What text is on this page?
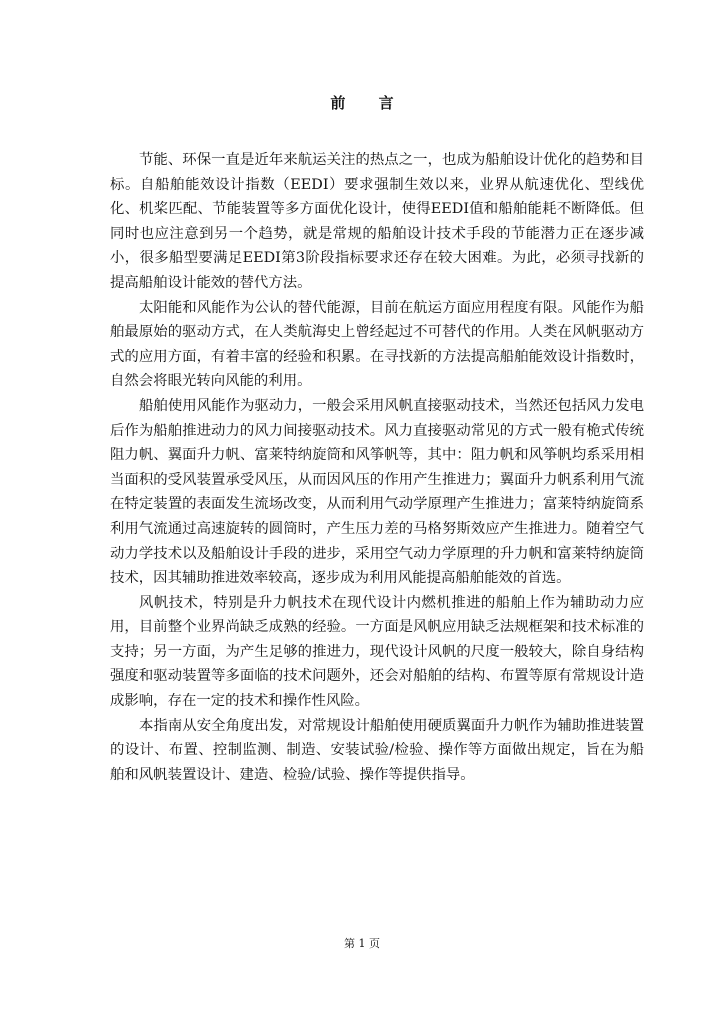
前 言

节能、环保一直是近年来航运关注的热点之一，也成为船舶设计优化的趋势和目标。自船舶能效设计指数（EEDI）要求强制生效以来，业界从航速优化、型线优化、机桨匹配、节能装置等多方面优化设计，使得EEDI值和船舶能耗不断降低。但同时也应注意到另一个趋势，就是常规的船舶设计技术手段的节能潜力正在逐步减小，很多船型要满足EEDI第3阶段指标要求还存在较大困难。为此，必须寻找新的提高船舶设计能效的替代方法。

太阳能和风能作为公认的替代能源，目前在航运方面应用程度有限。风能作为船舶最原始的驱动方式，在人类航海史上曾经起过不可替代的作用。人类在风帆驱动方式的应用方面，有着丰富的经验和积累。在寻找新的方法提高船舶能效设计指数时，自然会将眼光转向风能的利用。

船舶使用风能作为驱动力，一般会采用风帆直接驱动技术，当然还包括风力发电后作为船舶推进动力的风力间接驱动技术。风力直接驱动常见的方式一般有桅式传统阻力帆、翼面升力帆、富莱特纳旋筒和风筝帆等，其中：阻力帆和风筝帆均系采用相当面积的受风装置承受风压，从而因风压的作用产生推进力；翼面升力帆系利用气流在特定装置的表面发生流场改变，从而利用气动学原理产生推进力；富莱特纳旋筒系利用气流通过高速旋转的圆筒时，产生压力差的马格努斯效应产生推进力。随着空气动力学技术以及船舶设计手段的进步，采用空气动力学原理的升力帆和富莱特纳旋筒技术，因其辅助推进效率较高，逐步成为利用风能提高船舶能效的首选。

风帆技术，特别是升力帆技术在现代设计内燃机推进的船舶上作为辅助动力应用，目前整个业界尚缺乏成熟的经验。一方面是风帆应用缺乏法规框架和技术标准的支持；另一方面，为产生足够的推进力，现代设计风帆的尺度一般较大，除自身结构强度和驱动装置等多面临的技术问题外，还会对船舶的结构、布置等原有常规设计造成影响，存在一定的技术和操作性风险。

本指南从安全角度出发，对常规设计船舶使用硬质翼面升力帆作为辅助推进装置的设计、布置、控制监测、制造、安装试验/检验、操作等方面做出规定，旨在为船舶和风帆装置设计、建造、检验/试验、操作等提供指导。

第 1 页
